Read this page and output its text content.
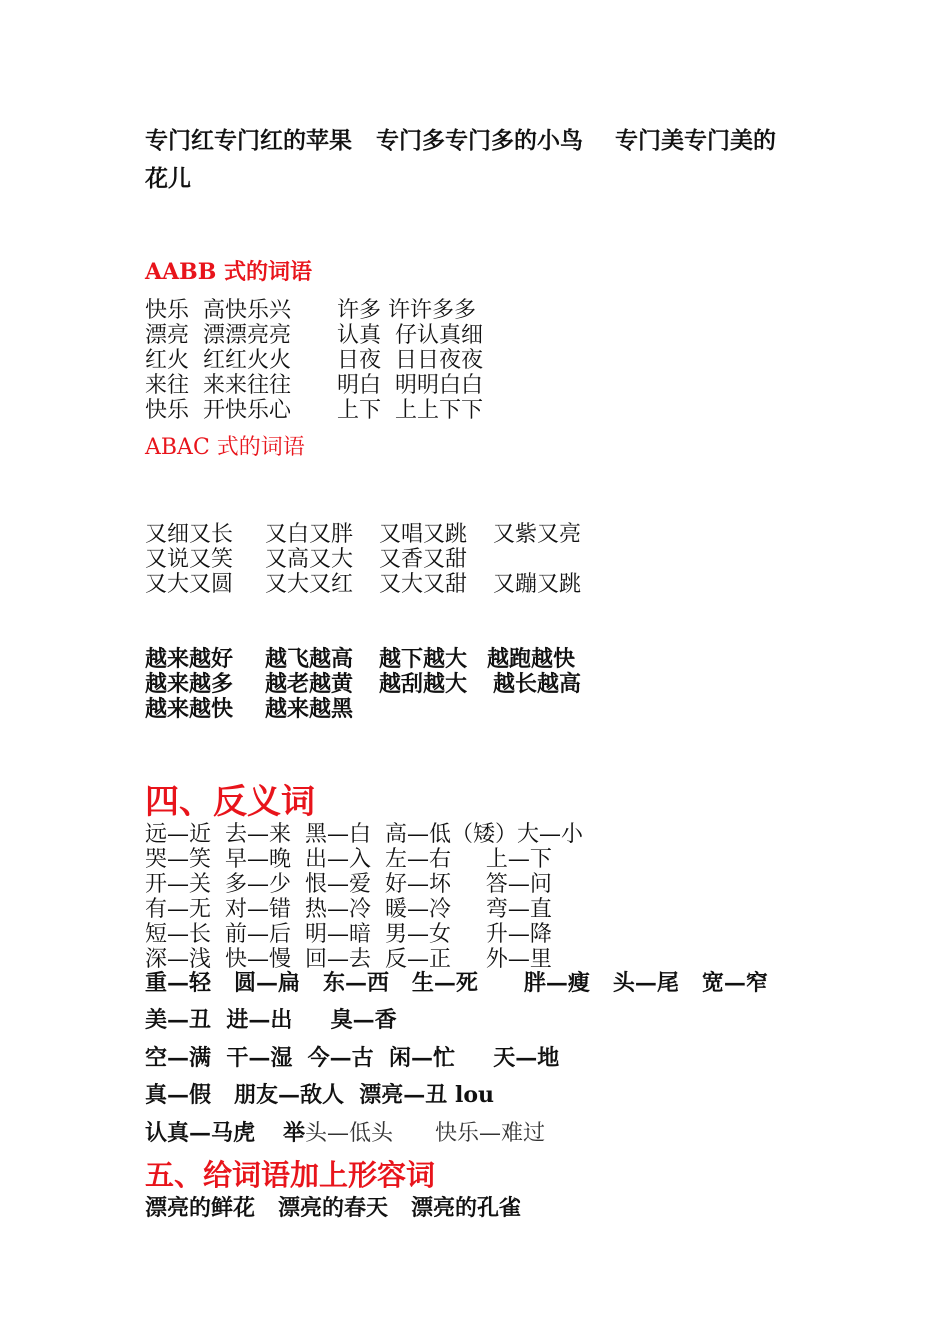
专门红专门红的苹果   专门多专门多的小鸟    专门美专门美的
花儿
AABB 式的词语
快乐  高快乐兴 许多 许许多多
漂亮  漂漂亮亮 认真  仔认真细
红火  红红火火 日夜  日日夜夜
来往  来来往往 明白  明明白白
快乐  开快乐心 上下  上上下下
ABAC 式的词语
又细又长 又白又胖 又唱又跳 又紫又亮
又说又笑 又高又大 又香又甜
又大又圆 又大又红 又大又甜 又蹦又跳
越来越好 越飞越高 越下越大 越跑越快
越来越多 越老越黄 越刮越大 越长越高
越来越快 越来越黑
四、反义词
远—近  去—来  黑—白  高—低（矮）大—小
哭—笑  早—晚  出—入  左—右     上—下
开—关  多—少  恨—爱  好—坏     答—问
有—无  对—错  热—冷  暖—冷     弯—直
短—长  前—后  明—暗  男—女     升—降
深—浅  快—慢  回—去  反—正     外—里
重—轻   圆—扁   东—西   生—死      胖—瘦   头—尾   宽—窄
美—丑  进—出     臭—香
空—满  干—湿  今—古  闲—忙     天—地
真—假   朋友—敌人  漂亮—丑 lou
认真—马虎 举头—低头      快乐—难过
五、给词语加上形容词
漂亮的鲜花   漂亮的春天   漂亮的孔雀
